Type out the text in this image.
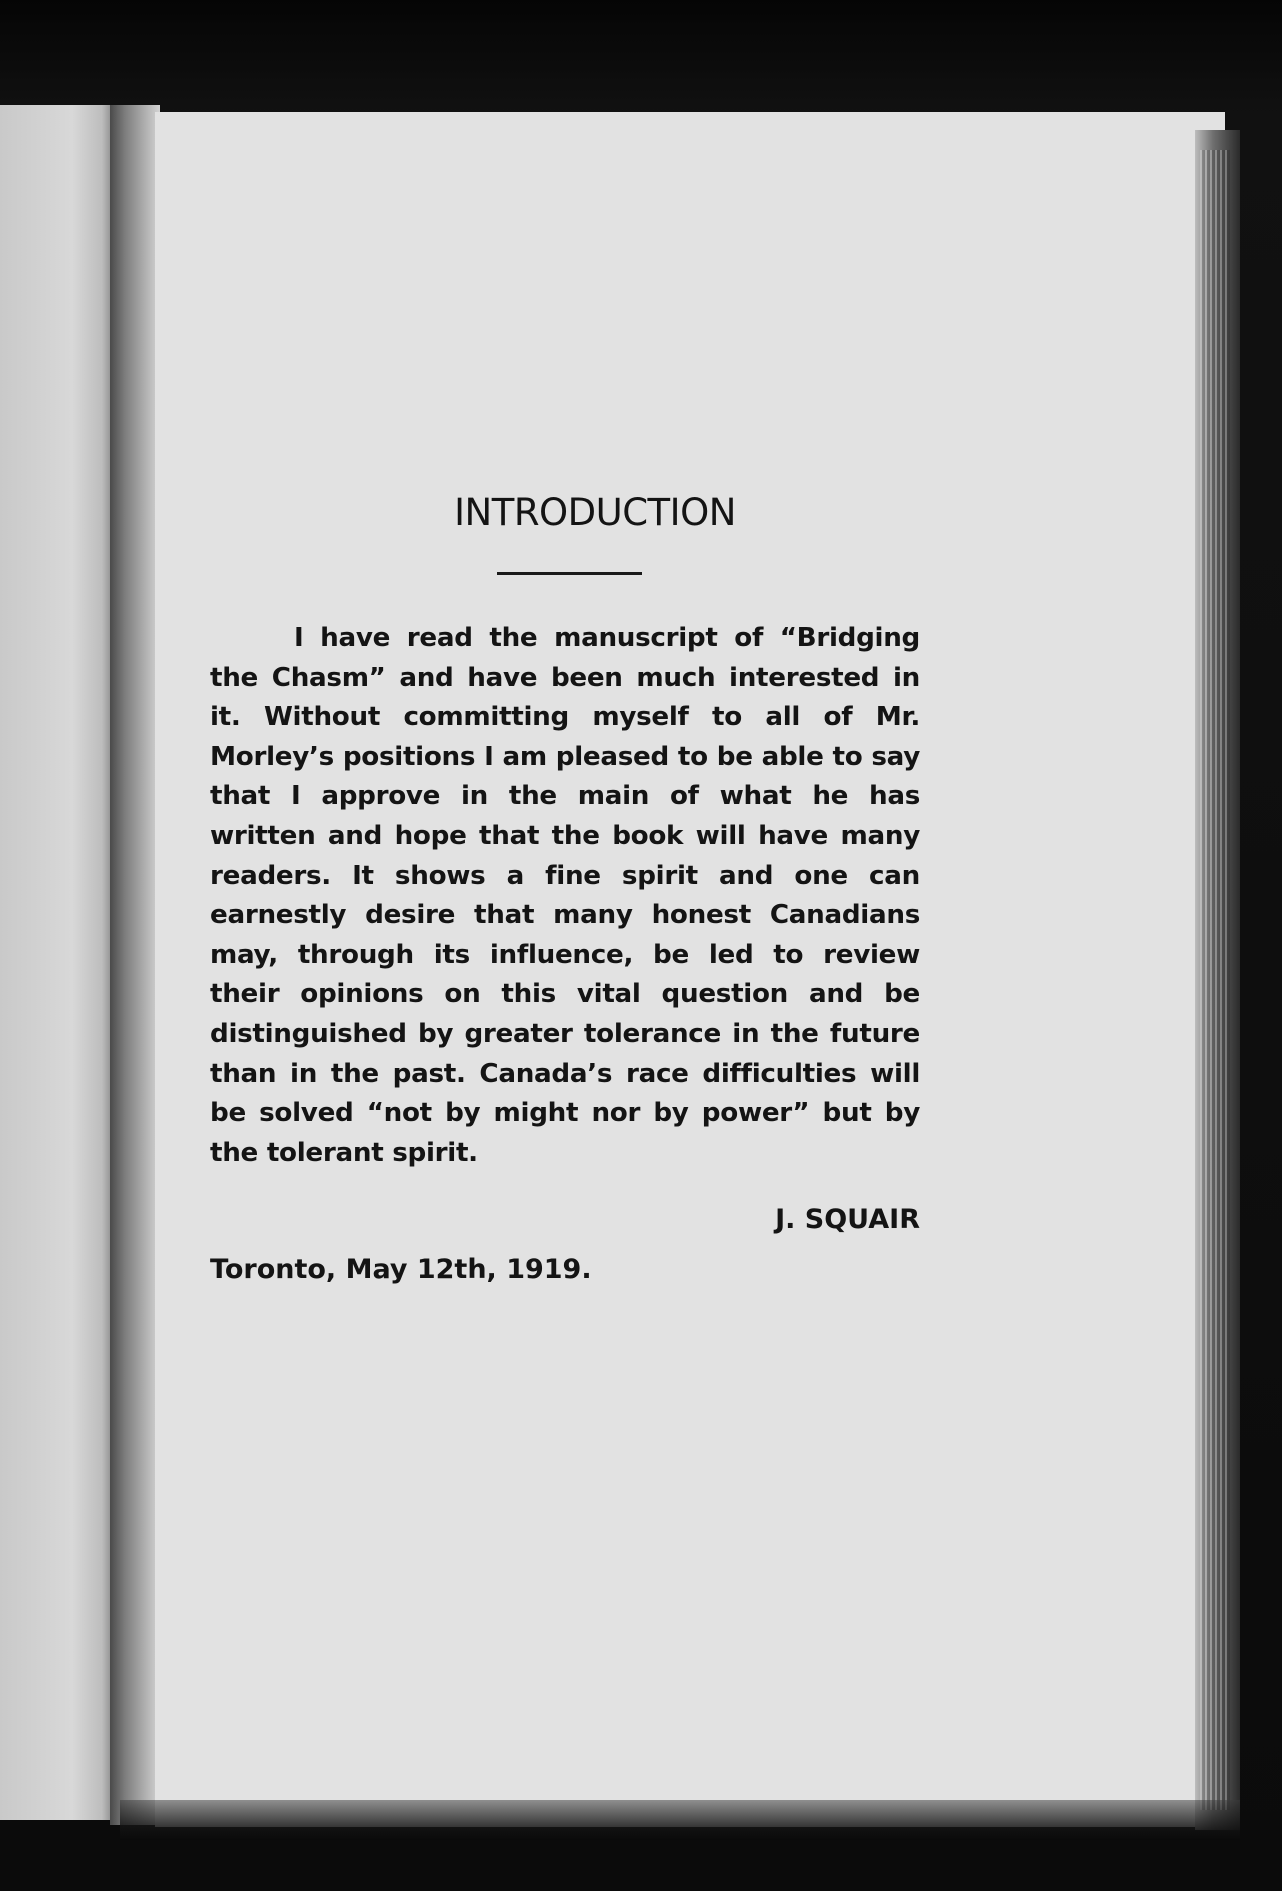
INTRODUCTION

I have read the manuscript of “Bridging the Chasm” and have been much interested in it. Without committing myself to all of Mr. Morley’s positions I am pleased to be able to say that I approve in the main of what he has written and hope that the book will have many readers. It shows a fine spirit and one can earnestly desire that many honest Canadians may, through its influence, be led to review their opinions on this vital question and be distinguished by greater tolerance in the future than in the past. Canada’s race difficulties will be solved “not by might nor by power” but by the tolerant spirit.

J. SQUAIR
Toronto, May 12th, 1919.
